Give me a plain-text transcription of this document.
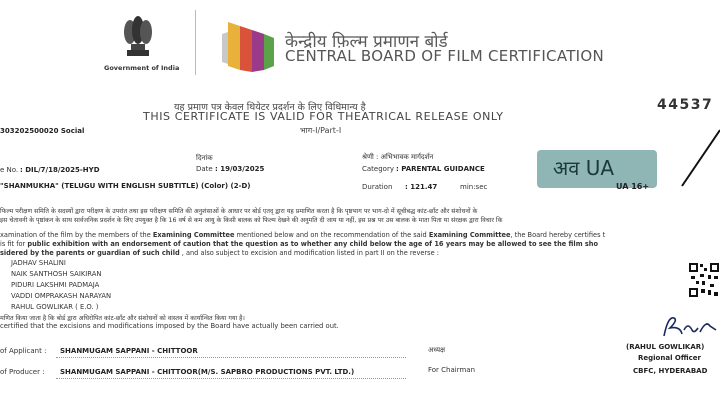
Government of India
केन्द्रीय फ़िल्म प्रमाणन बोर्ड
CENTRAL BOARD OF FILM CERTIFICATION
यह प्रमाण पत्र केवल थियेटर प्रदर्शन के लिए विधिमान्य है
THIS CERTIFICATE IS VALID FOR THEATRICAL RELEASE ONLY
भाग-I/Part-I
44537
303202500020 Social
e No. : DIL/7/18/2025-HYD
दिनांक
Date : 19/03/2025
श्रेणी : अभिभावक मार्गदर्शन
Category : PARENTAL GUIDANCE
Duration : 121.47	min:sec
अव UA
UA 16+
"SHANMUKHA" (TELUGU WITH ENGLISH SUBTITLE) (Color) (2-D)
फिल्म परीक्षण समिति के सदस्यों द्वारा परीक्षण के उपरांत तथा इस परीक्षण समिति की अनुशंसाओं के आधार पर बोर्ड एतद् द्वारा यह प्रमाणित करता है कि पृष्ठभाग पर भाग-दो में सूचीबद्ध कांट-छाँट और संशोधनों के
इस चेतावनी के पृष्ठांकन के साथ सार्वजनिक प्रदर्शन के लिए उपयुक्त है कि 16 वर्ष से कम आयु के किसी बालक को फिल्म देखने की अनुमति दी जाय या नहीं, इस प्रश्न पर उस बालक के माता पिता या संरक्षक द्वारा विचार कि
xamination of the film by the members of the Examining Committee mentioned below and on the recommendation of the said Examining Committee, the Board hereby certifies t
is fit for public exhibition with an endorsement of caution that the question as to whether any child below the age of 16 years may be allowed to see the film sho
sidered by the parents or guardian of such child , and also subject to excision and modification listed in part II on the reverse :
JADHAV SHALINI
NAIK SANTHOSH SAIKIRAN
PIDURI LAKSHMI PADMAJA
VADDI OMPRAKASH NARAYAN
RAHUL GOWLIKAR ( E.O. )
मणित किया जाता है कि बोर्ड द्वारा अधिरोपित कांट-छाँट और संशोधनों को वास्तव में कार्यान्वित किया गया है।
certified that the excisions and modifications imposed by the Board have actually been carried out.
(RAHUL GOWLIKAR)
Regional Officer
CBFC, HYDERABAD
of Applicant : SHANMUGAM SAPPANI - CHITTOOR
of Producer : SHANMUGAM SAPPANI - CHITTOOR(M/S. SAPBRO PRODUCTIONS PVT. LTD.)
अध्यक्ष
For Chairman
